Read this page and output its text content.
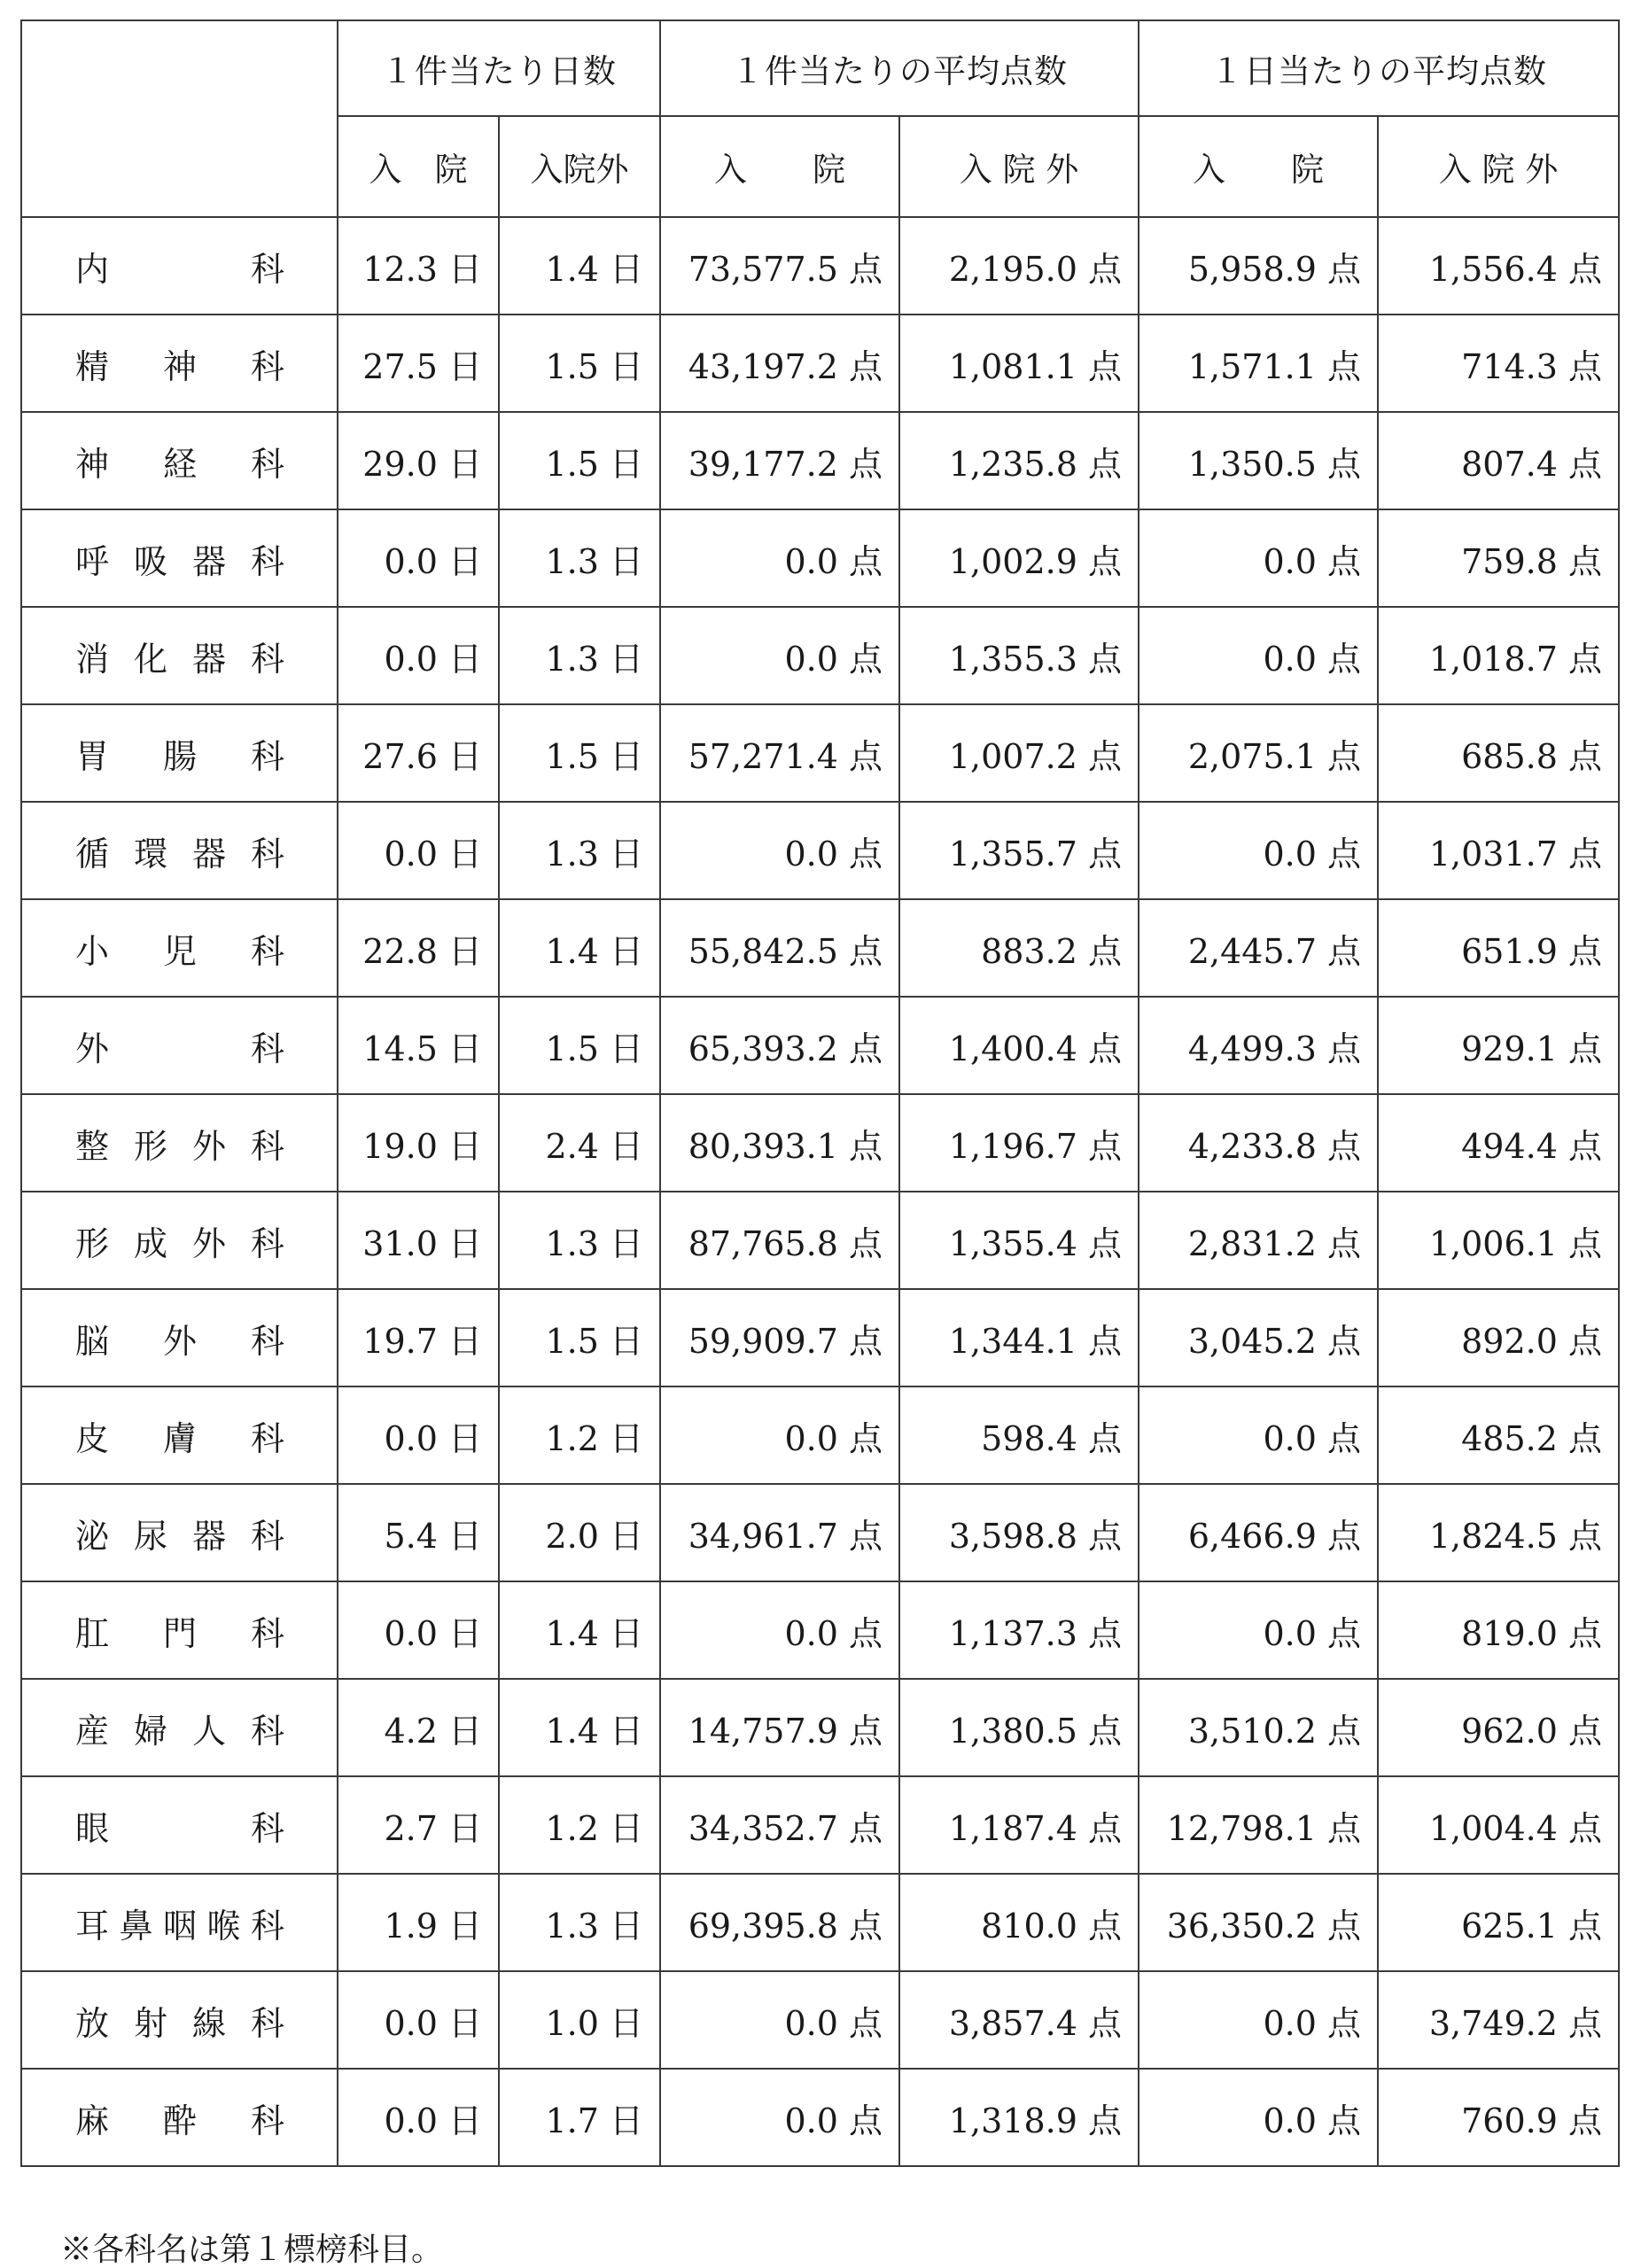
	１件当たり日数		１件当たりの平均点数		１日当たりの平均点数	
	入　院	入院外	入　　院	入 院 外	入　　院	入 院 外

内 科	12.3 日	1.4 日	73,577.5 点	2,195.0 点	5,958.9 点	1,556.4 点

精 神 科	27.5 日	1.5 日	43,197.2 点	1,081.1 点	1,571.1 点	714.3 点

神 経 科	29.0 日	1.5 日	39,177.2 点	1,235.8 点	1,350.5 点	807.4 点

呼 吸 器 科	0.0 日	1.3 日	0.0 点	1,002.9 点	0.0 点	759.8 点

消 化 器 科	0.0 日	1.3 日	0.0 点	1,355.3 点	0.0 点	1,018.7 点

胃 腸 科	27.6 日	1.5 日	57,271.4 点	1,007.2 点	2,075.1 点	685.8 点

循 環 器 科	0.0 日	1.3 日	0.0 点	1,355.7 点	0.0 点	1,031.7 点

小 児 科	22.8 日	1.4 日	55,842.5 点	883.2 点	2,445.7 点	651.9 点

外 科	14.5 日	1.5 日	65,393.2 点	1,400.4 点	4,499.3 点	929.1 点

整 形 外 科	19.0 日	2.4 日	80,393.1 点	1,196.7 点	4,233.8 点	494.4 点

形 成 外 科	31.0 日	1.3 日	87,765.8 点	1,355.4 点	2,831.2 点	1,006.1 点

脳 外 科	19.7 日	1.5 日	59,909.7 点	1,344.1 点	3,045.2 点	892.0 点

皮 膚 科	0.0 日	1.2 日	0.0 点	598.4 点	0.0 点	485.2 点

泌 尿 器 科	5.4 日	2.0 日	34,961.7 点	3,598.8 点	6,466.9 点	1,824.5 点

肛 門 科	0.0 日	1.4 日	0.0 点	1,137.3 点	0.0 点	819.0 点

産 婦 人 科	4.2 日	1.4 日	14,757.9 点	1,380.5 点	3,510.2 点	962.0 点

眼 科	2.7 日	1.2 日	34,352.7 点	1,187.4 点	12,798.1 点	1,004.4 点

耳 鼻 咽 喉 科	1.9 日	1.3 日	69,395.8 点	810.0 点	36,350.2 点	625.1 点

放 射 線 科	0.0 日	1.0 日	0.0 点	3,857.4 点	0.0 点	3,749.2 点

麻 酔 科	0.0 日	1.7 日	0.0 点	1,318.9 点	0.0 点	760.9 点
※各科名は第１標榜科目。
